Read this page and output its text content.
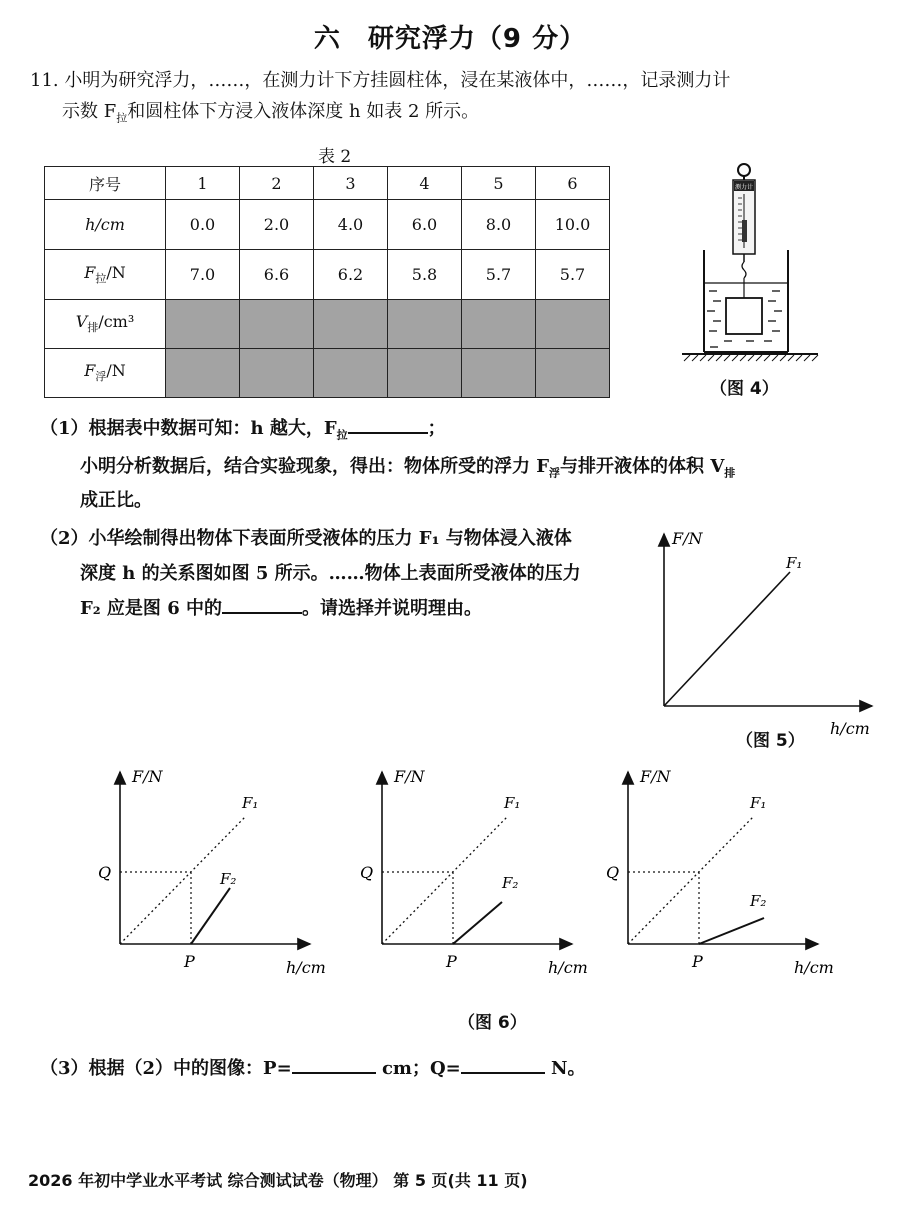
六　研究浮力（9 分）
11. 小明为研究浮力，……，在测力计下方挂圆柱体，浸在某液体中，……，记录测力计
示数 $F_拉$和圆柱体下方浸入液体深度 h 如表 2 所示。
表 2
序号	1	2	3	4	5	6
h/cm	0.0	2.0	4.0	6.0	8.0	10.0
$F_拉/N$	7.0	6.6	6.2	5.8	5.7	5.7
$V_排$/cm³						
$F_浮/N$						
测力计
（图 4）
（1）根据表中数据可知：h 越大，$F_拉$	；
小明分析数据后，结合实验现象，得出：物体所受的浮力 $F_浮$与排开液体的体积 $V_排$
成正比。
（2）小华绘制得出物体下表面所受液体的压力 F₁ 与物体浸入液体
深度 h 的关系图如图 5 所示。……物体上表面所受液体的压力
F₂ 应是图 6 中的	。请选择并说明理由。
F/N
F₁
h/cm
（图 5）
F/N
F₁
F₂
Q
P	h/cm
F/N
F₁
F₂
Q
P	h/cm
F/N
F₁
F₂
Q
P	h/cm
（图 6）
（3）根据（2）中的图像：P=	cm；Q=	N。
2026 年初中学业水平考试 综合测试试卷（物理） 第 5 页(共 11 页)
